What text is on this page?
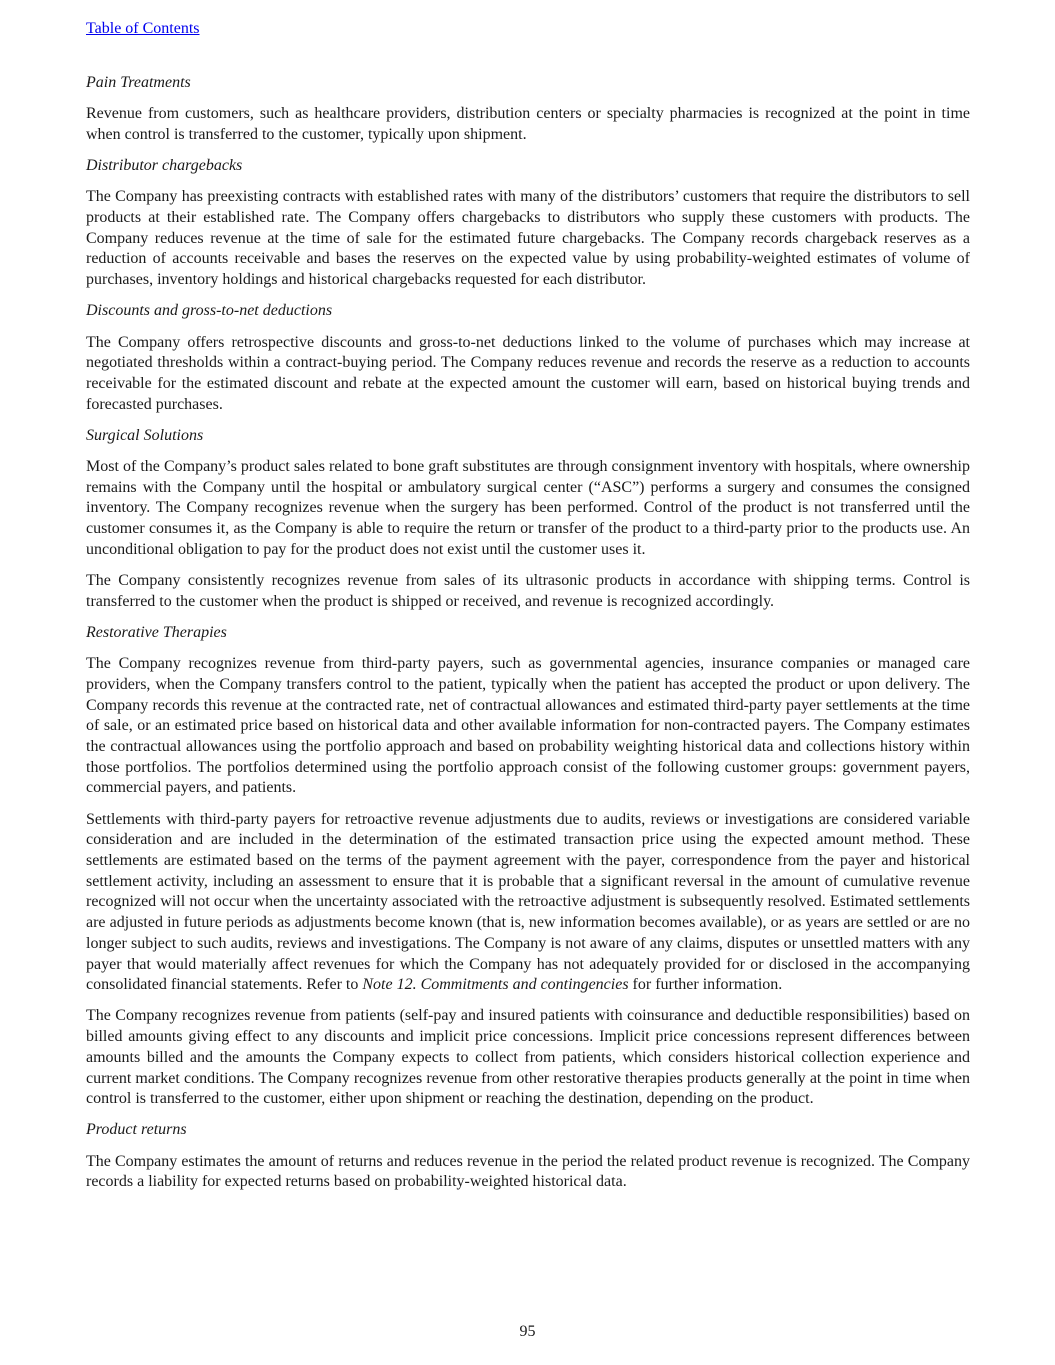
Table of Contents
Pain Treatments
Revenue from customers, such as healthcare providers, distribution centers or specialty pharmacies is recognized at the point in time when control is transferred to the customer, typically upon shipment.
Distributor chargebacks
The Company has preexisting contracts with established rates with many of the distributors’ customers that require the distributors to sell products at their established rate. The Company offers chargebacks to distributors who supply these customers with products. The Company reduces revenue at the time of sale for the estimated future chargebacks. The Company records chargeback reserves as a reduction of accounts receivable and bases the reserves on the expected value by using probability-weighted estimates of volume of purchases, inventory holdings and historical chargebacks requested for each distributor.
Discounts and gross-to-net deductions
The Company offers retrospective discounts and gross-to-net deductions linked to the volume of purchases which may increase at negotiated thresholds within a contract-buying period. The Company reduces revenue and records the reserve as a reduction to accounts receivable for the estimated discount and rebate at the expected amount the customer will earn, based on historical buying trends and forecasted purchases.
Surgical Solutions
Most of the Company’s product sales related to bone graft substitutes are through consignment inventory with hospitals, where ownership remains with the Company until the hospital or ambulatory surgical center (“ASC”) performs a surgery and consumes the consigned inventory. The Company recognizes revenue when the surgery has been performed. Control of the product is not transferred until the customer consumes it, as the Company is able to require the return or transfer of the product to a third-party prior to the products use. An unconditional obligation to pay for the product does not exist until the customer uses it.
The Company consistently recognizes revenue from sales of its ultrasonic products in accordance with shipping terms. Control is transferred to the customer when the product is shipped or received, and revenue is recognized accordingly.
Restorative Therapies
The Company recognizes revenue from third-party payers, such as governmental agencies, insurance companies or managed care providers, when the Company transfers control to the patient, typically when the patient has accepted the product or upon delivery. The Company records this revenue at the contracted rate, net of contractual allowances and estimated third-party payer settlements at the time of sale, or an estimated price based on historical data and other available information for non-contracted payers. The Company estimates the contractual allowances using the portfolio approach and based on probability weighting historical data and collections history within those portfolios. The portfolios determined using the portfolio approach consist of the following customer groups: government payers, commercial payers, and patients.
Settlements with third-party payers for retroactive revenue adjustments due to audits, reviews or investigations are considered variable consideration and are included in the determination of the estimated transaction price using the expected amount method. These settlements are estimated based on the terms of the payment agreement with the payer, correspondence from the payer and historical settlement activity, including an assessment to ensure that it is probable that a significant reversal in the amount of cumulative revenue recognized will not occur when the uncertainty associated with the retroactive adjustment is subsequently resolved. Estimated settlements are adjusted in future periods as adjustments become known (that is, new information becomes available), or as years are settled or are no longer subject to such audits, reviews and investigations. The Company is not aware of any claims, disputes or unsettled matters with any payer that would materially affect revenues for which the Company has not adequately provided for or disclosed in the accompanying consolidated financial statements. Refer to Note 12. Commitments and contingencies for further information.
The Company recognizes revenue from patients (self-pay and insured patients with coinsurance and deductible responsibilities) based on billed amounts giving effect to any discounts and implicit price concessions. Implicit price concessions represent differences between amounts billed and the amounts the Company expects to collect from patients, which considers historical collection experience and current market conditions. The Company recognizes revenue from other restorative therapies products generally at the point in time when control is transferred to the customer, either upon shipment or reaching the destination, depending on the product.
Product returns
The Company estimates the amount of returns and reduces revenue in the period the related product revenue is recognized. The Company records a liability for expected returns based on probability-weighted historical data.
95
